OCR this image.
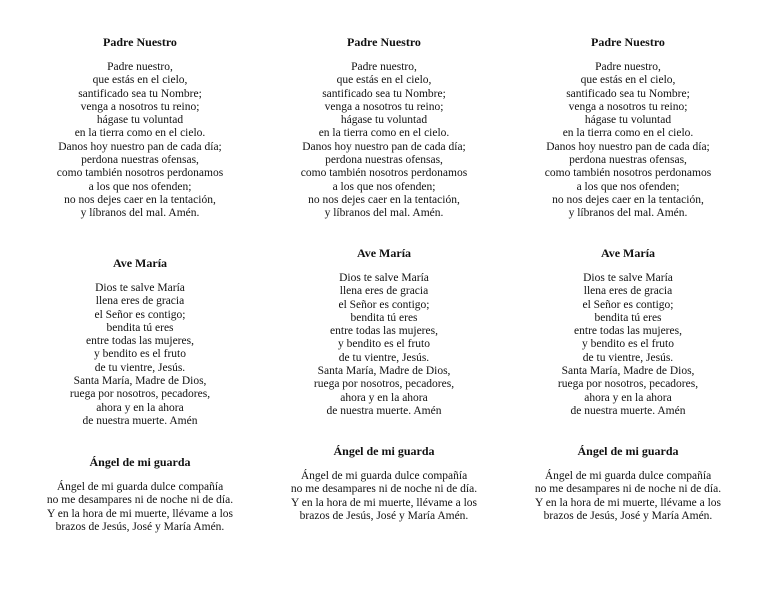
Padre Nuestro
Padre nuestro,
que estás en el cielo,
santificado sea tu Nombre;
venga a nosotros tu reino;
hágase tu voluntad
en la tierra como en el cielo.
Danos hoy nuestro pan de cada día;
perdona nuestras ofensas,
como también nosotros perdonamos
a los que nos ofenden;
no nos dejes caer en la tentación,
y líbranos del mal. Amén.
Ave María
Dios te salve María
llena eres de gracia
el Señor es contigo;
bendita tú eres
entre todas las mujeres,
y bendito es el fruto
de tu vientre, Jesús.
Santa María, Madre de Dios,
ruega por nosotros, pecadores,
ahora y en la ahora
de nuestra muerte. Amén
Ángel de mi guarda
Ángel de mi guarda dulce compañía
no me desampares ni de noche ni de día.
Y en la hora de mi muerte, llévame a los
brazos de Jesús, José y María Amén.
Padre Nuestro
Padre nuestro,
que estás en el cielo,
santificado sea tu Nombre;
venga a nosotros tu reino;
hágase tu voluntad
en la tierra como en el cielo.
Danos hoy nuestro pan de cada día;
perdona nuestras ofensas,
como también nosotros perdonamos
a los que nos ofenden;
no nos dejes caer en la tentación,
y líbranos del mal. Amén.
Ave María
Dios te salve María
llena eres de gracia
el Señor es contigo;
bendita tú eres
entre todas las mujeres,
y bendito es el fruto
de tu vientre, Jesús.
Santa María, Madre de Dios,
ruega por nosotros, pecadores,
ahora y en la ahora
de nuestra muerte. Amén
Ángel de mi guarda
Ángel de mi guarda dulce compañía
no me desampares ni de noche ni de día.
Y en la hora de mi muerte, llévame a los
brazos de Jesús, José y María Amén.
Padre Nuestro
Padre nuestro,
que estás en el cielo,
santificado sea tu Nombre;
venga a nosotros tu reino;
hágase tu voluntad
en la tierra como en el cielo.
Danos hoy nuestro pan de cada día;
perdona nuestras ofensas,
como también nosotros perdonamos
a los que nos ofenden;
no nos dejes caer en la tentación,
y líbranos del mal. Amén.
Ave María
Dios te salve María
llena eres de gracia
el Señor es contigo;
bendita tú eres
entre todas las mujeres,
y bendito es el fruto
de tu vientre, Jesús.
Santa María, Madre de Dios,
ruega por nosotros, pecadores,
ahora y en la ahora
de nuestra muerte. Amén
Ángel de mi guarda
Ángel de mi guarda dulce compañía
no me desampares ni de noche ni de día.
Y en la hora de mi muerte, llévame a los
brazos de Jesús, José y María Amén.
